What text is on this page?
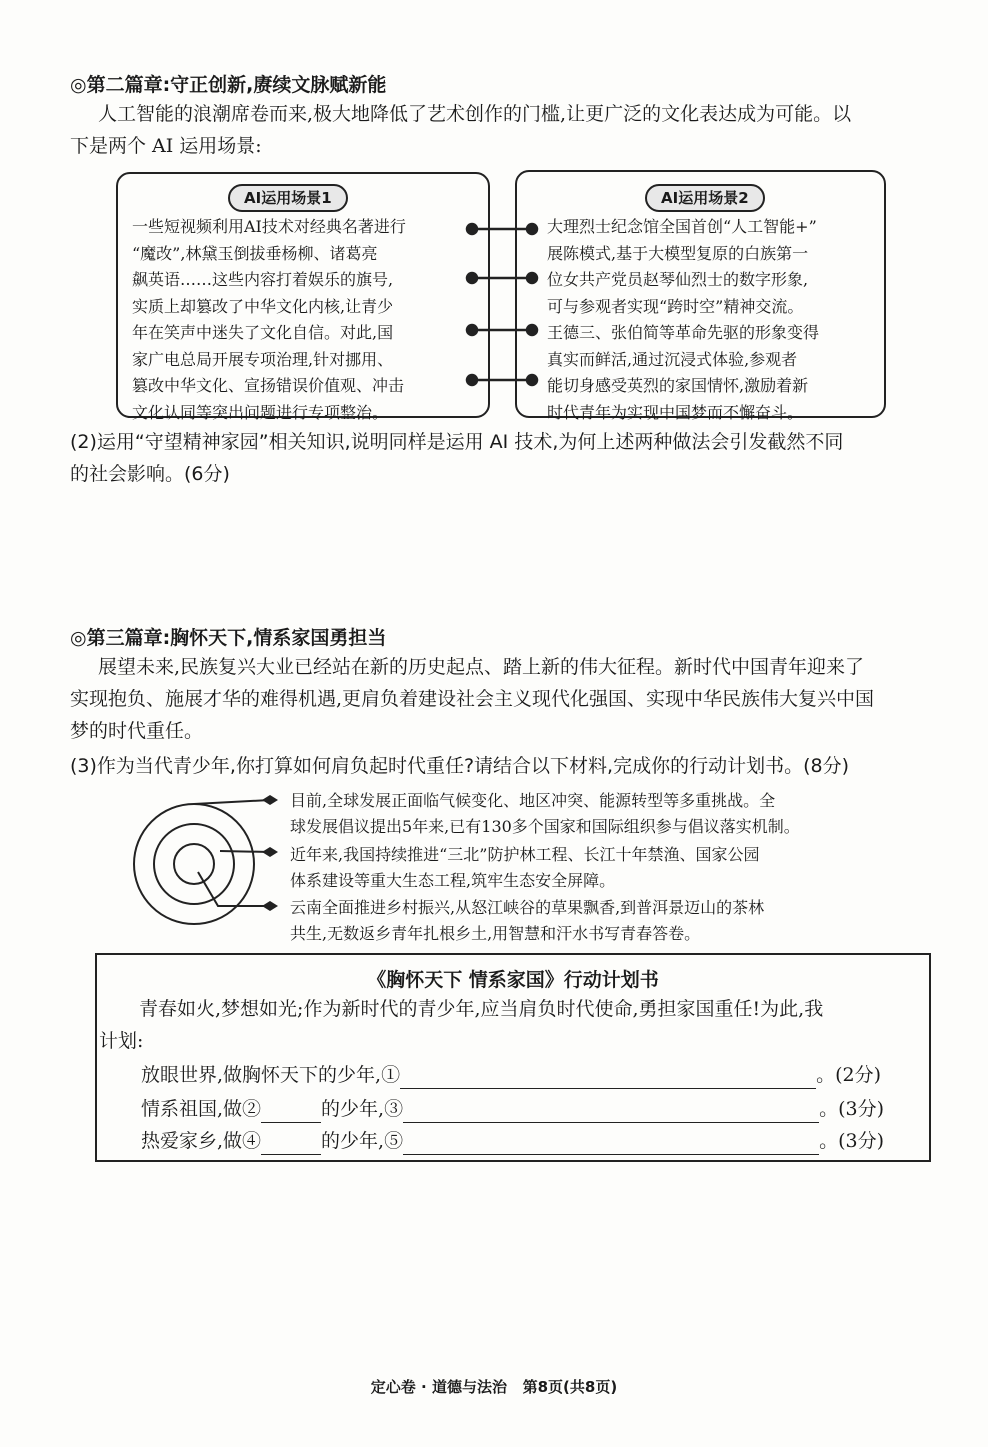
◎第二篇章:守正创新,赓续文脉赋新能
人工智能的浪潮席卷而来,极大地降低了艺术创作的门槛,让更广泛的文化表达成为可能。以
下是两个 AI 运用场景:
AI运用场景1
一些短视频利用AI技术对经典名著进行
“魔改”,林黛玉倒拔垂杨柳、诸葛亮
飙英语……这些内容打着娱乐的旗号,
实质上却篡改了中华文化内核,让青少
年在笑声中迷失了文化自信。对此,国
家广电总局开展专项治理,针对挪用、
篡改中华文化、宣扬错误价值观、冲击
文化认同等突出问题进行专项整治。
AI运用场景2
大理烈士纪念馆全国首创“人工智能+”
展陈模式,基于大模型复原的白族第一
位女共产党员赵琴仙烈士的数字形象,
可与参观者实现“跨时空”精神交流。
王德三、张伯简等革命先驱的形象变得
真实而鲜活,通过沉浸式体验,参观者
能切身感受英烈的家国情怀,激励着新
时代青年为实现中国梦而不懈奋斗。
(2)运用“守望精神家园”相关知识,说明同样是运用 AI 技术,为何上述两种做法会引发截然不同
的社会影响。(6分)
◎第三篇章:胸怀天下,情系家国勇担当
展望未来,民族复兴大业已经站在新的历史起点、踏上新的伟大征程。新时代中国青年迎来了
实现抱负、施展才华的难得机遇,更肩负着建设社会主义现代化强国、实现中华民族伟大复兴中国
梦的时代重任。
(3)作为当代青少年,你打算如何肩负起时代重任?请结合以下材料,完成你的行动计划书。(8分)
目前,全球发展正面临气候变化、地区冲突、能源转型等多重挑战。全
球发展倡议提出5年来,已有130多个国家和国际组织参与倡议落实机制。
近年来,我国持续推进“三北”防护林工程、长江十年禁渔、国家公园
体系建设等重大生态工程,筑牢生态安全屏障。
云南全面推进乡村振兴,从怒江峡谷的草果飘香,到普洱景迈山的茶林
共生,无数返乡青年扎根乡土,用智慧和汗水书写青春答卷。
《胸怀天下 情系家国》行动计划书
青春如火,梦想如光;作为新时代的青少年,应当肩负时代使命,勇担家国重任!为此,我
计划:
放眼世界,做胸怀天下的少年,①	。(2分)
情系祖国,做②	的少年,③	。(3分)
热爱家乡,做④	的少年,⑤	。(3分)
定心卷 · 道德与法治   第8页(共8页)
